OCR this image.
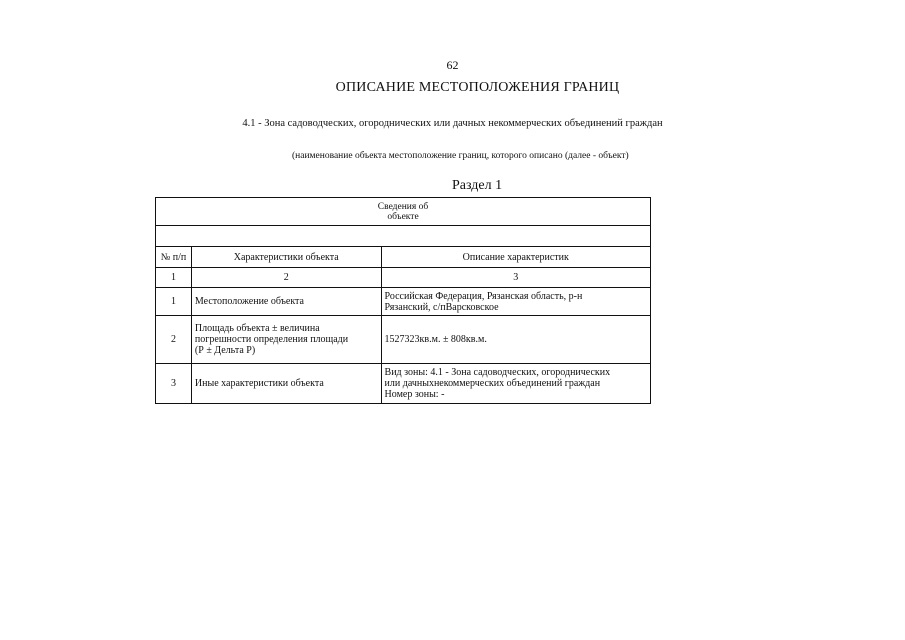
62
ОПИСАНИЕ МЕСТОПОЛОЖЕНИЯ ГРАНИЦ
4.1 - Зона садоводческих, огороднических или дачных некоммерческих объединений граждан
(наименование объекта местоположение границ, которого описано (далее - объект)
Раздел 1
Сведения об
объекте		

№ п/п	Характеристики объекта	Описание характеристик
1	2	3
1	Местоположение объекта	Российская Федерация, Рязанская область, р-н
Рязанский, с/пВарсковское

2	Площадь объекта ± величина
погрешности определения площади
(Р ± Дельта Р)	1527323кв.м. ± 808кв.м.
3	Иные характеристики объекта	Вид зоны: 4.1 - Зона садоводческих, огороднических
или дачныхнекоммерческих объединений граждан
Номер зоны: -
